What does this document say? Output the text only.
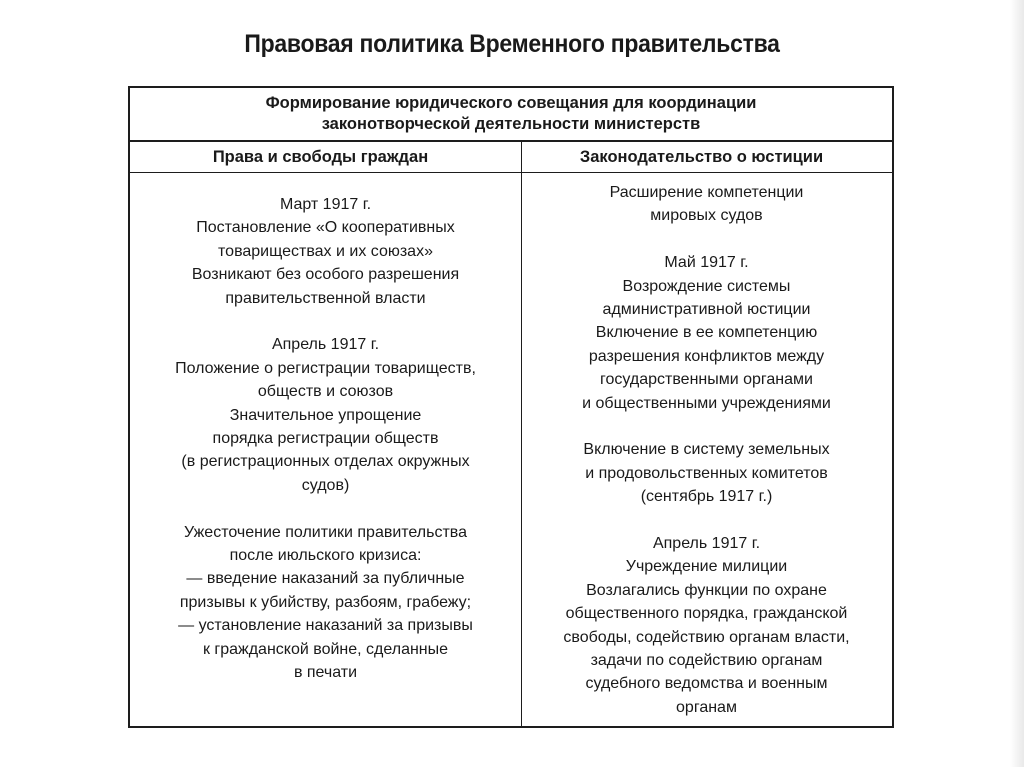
Правовая политика Временного правительства
Формирование юридического совещания для координации
законотворческой деятельности министерств
Права и свободы граждан	Законодательство о юстиции
Март 1917 г.
Постановление «О кооперативных
товариществах и их союзах»
Возникают без особого разрешения
правительственной власти
Апрель 1917 г.
Положение о регистрации товариществ,
обществ и союзов
Значительное упрощение
порядка регистрации обществ
(в регистрационных отделах окружных
судов)
Ужесточение политики правительства
после июльского кризиса:
— введение наказаний за публичные
призывы к убийству, разбоям, грабежу;
— установление наказаний за призывы
к гражданской войне, сделанные
в печати
Расширение компетенции
мировых судов
Май 1917 г.
Возрождение системы
административной юстиции
Включение в ее компетенцию
разрешения конфликтов между
государственными органами
и общественными учреждениями
Включение в систему земельных
и продовольственных комитетов
(сентябрь 1917 г.)
Апрель 1917 г.
Учреждение милиции
Возлагались функции по охране
общественного порядка, гражданской
свободы, содействию органам власти,
задачи по содействию органам
судебного ведомства и военным
органам
